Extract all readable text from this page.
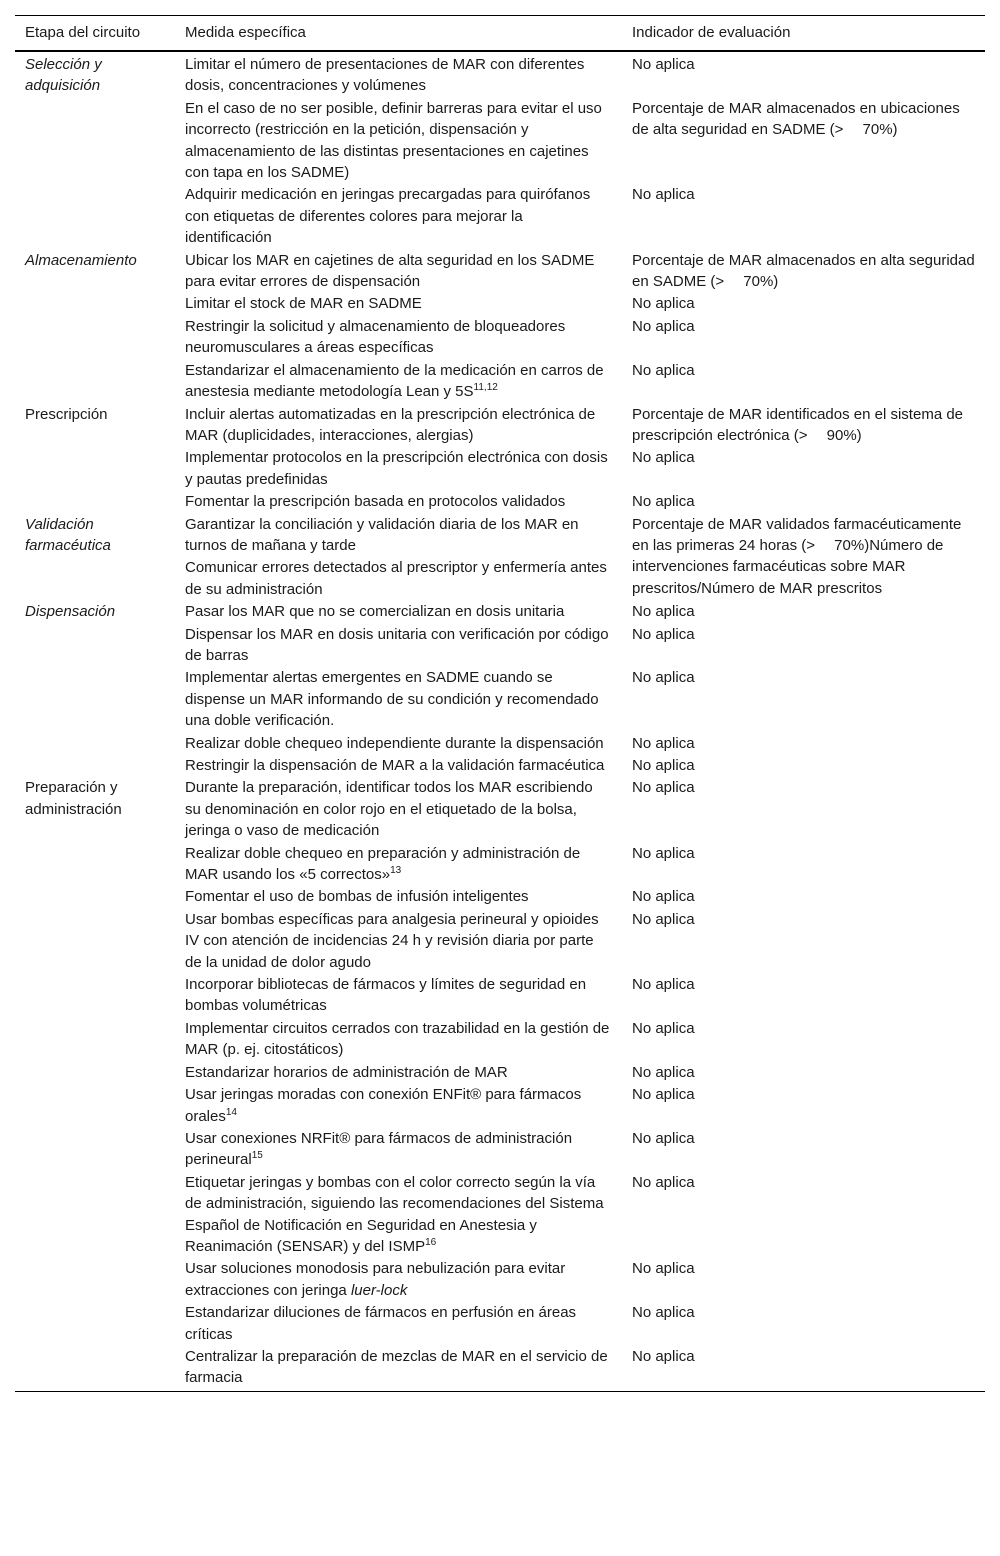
Etapa del circuito	Medida específica	Indicador de evaluación
Selección y adquisición	Limitar el número de presentaciones de MAR con diferentes dosis, concentraciones y volúmenes	No aplica
	En el caso de no ser posible, definir barreras para evitar el uso incorrecto (restricción en la petición, dispensación y almacenamiento de las distintas presentaciones en cajetines con tapa en los SADME)	Porcentaje de MAR almacenados en ubicaciones de alta seguridad en SADME (>  70%)
	Adquirir medicación en jeringas precargadas para quirófanos con etiquetas de diferentes colores para mejorar la identificación	No aplica
Almacenamiento	Ubicar los MAR en cajetines de alta seguridad en los SADME para evitar errores de dispensación	Porcentaje de MAR almacenados en alta seguridad en SADME (>  70%)
	Limitar el stock de MAR en SADME	No aplica
	Restringir la solicitud y almacenamiento de bloqueadores neuromusculares a áreas específicas	No aplica
	Estandarizar el almacenamiento de la medicación en carros de anestesia mediante metodología Lean y $5S^{11,12}$	No aplica
Prescripción	Incluir alertas automatizadas en la prescripción electrónica de MAR (duplicidades, interacciones, alergias)	Porcentaje de MAR identificados en el sistema de prescripción electrónica (>  90%)
	Implementar protocolos en la prescripción electrónica con dosis y pautas predefinidas	No aplica
	Fomentar la prescripción basada en protocolos validados	No aplica
Validación farmacéutica	Garantizar la conciliación y validación diaria de los MAR en turnos de mañana y tarde	Porcentaje de MAR validados farmacéuticamente en las primeras 24 horas (>  70%)Número de intervenciones farmacéuticas sobre MAR prescritos/Número de MAR prescritos
	Comunicar errores detectados al prescriptor y enfermería antes de su administración	
Dispensación	Pasar los MAR que no se comercializan en dosis unitaria	No aplica
	Dispensar los MAR en dosis unitaria con verificación por código de barras	No aplica
	Implementar alertas emergentes en SADME cuando se dispense un MAR informando de su condición y recomendado una doble verificación.	No aplica
	Realizar doble chequeo independiente durante la dispensación	No aplica
	Restringir la dispensación de MAR a la validación farmacéutica	No aplica
Preparación y administración	Durante la preparación, identificar todos los MAR escribiendo su denominación en color rojo en el etiquetado de la bolsa, jeringa o vaso de medicación	No aplica
	Realizar doble chequeo en preparación y administración de MAR usando los «5 correctos»$^{13}$	No aplica
	Fomentar el uso de bombas de infusión inteligentes	No aplica
	Usar bombas específicas para analgesia perineural y opioides IV con atención de incidencias 24 h y revisión diaria por parte de la unidad de dolor agudo	No aplica
	Incorporar bibliotecas de fármacos y límites de seguridad en bombas volumétricas	No aplica
	Implementar circuitos cerrados con trazabilidad en la gestión de MAR (p. ej. citostáticos)	No aplica
	Estandarizar horarios de administración de MAR	No aplica
	Usar jeringas moradas con conexión ENFit® para fármacos orales$^{14}$	No aplica
	Usar conexiones NRFit® para fármacos de administración perineural$^{15}$	No aplica
	Etiquetar jeringas y bombas con el color correcto según la vía de administración, siguiendo las recomendaciones del Sistema Español de Notificación en Seguridad en Anestesia y Reanimación (SENSAR) y del ISMP$^{16}$	No aplica
	Usar soluciones monodosis para nebulización para evitar extracciones con jeringa luer-lock	No aplica
	Estandarizar diluciones de fármacos en perfusión en áreas críticas	No aplica
	Centralizar la preparación de mezclas de MAR en el servicio de farmacia	No aplica
